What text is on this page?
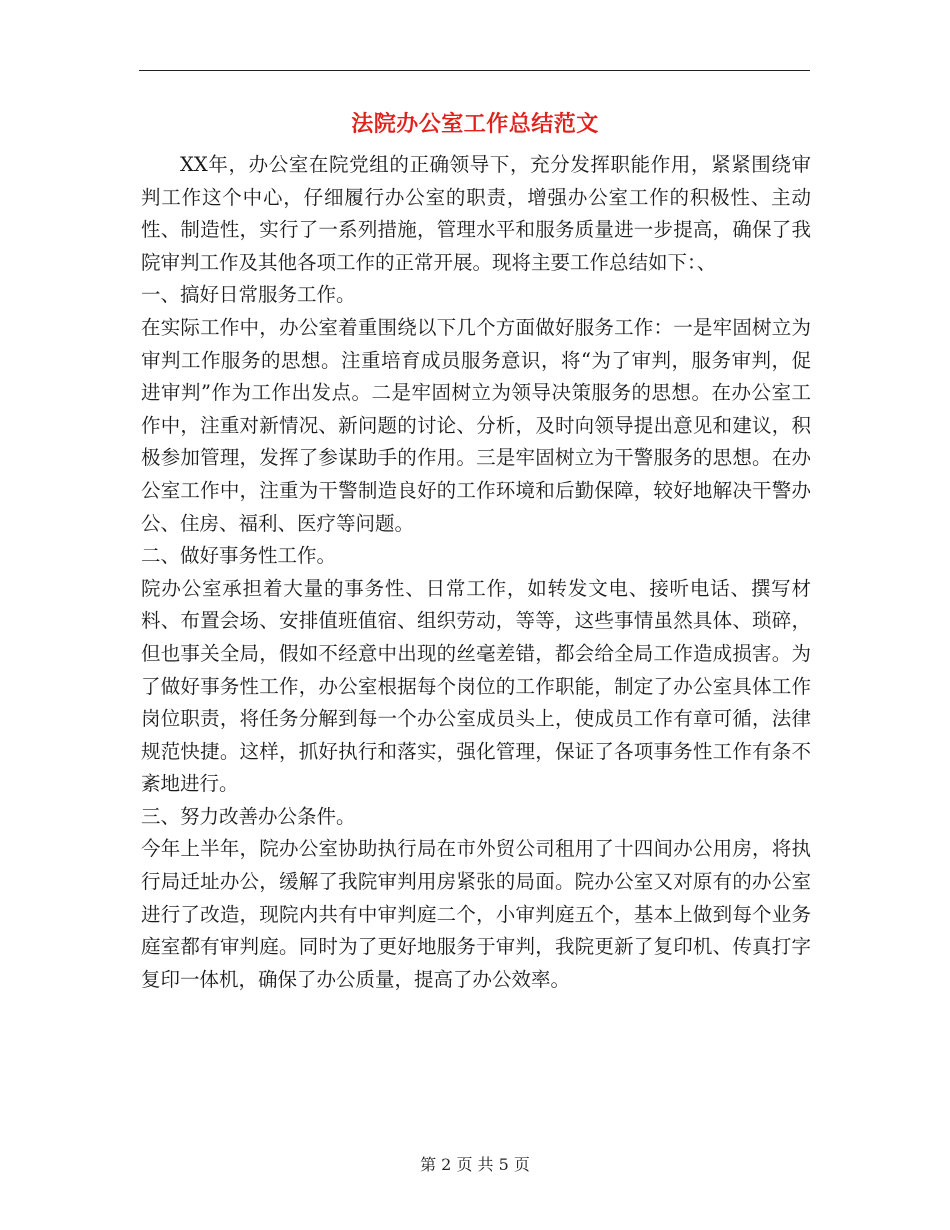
法院办公室工作总结范文

XX年，办公室在院党组的正确领导下，充分发挥职能作用，紧紧围绕审判工作这个中心，仔细履行办公室的职责，增强办公室工作的积极性、主动性、制造性，实行了一系列措施，管理水平和服务质量进一步提高，确保了我院审判工作及其他各项工作的正常开展。现将主要工作总结如下：、

一、搞好日常服务工作。

在实际工作中，办公室着重围绕以下几个方面做好服务工作：一是牢固树立为审判工作服务的思想。注重培育成员服务意识，将“为了审判，服务审判，促进审判”作为工作出发点。二是牢固树立为领导决策服务的思想。在办公室工作中，注重对新情况、新问题的讨论、分析，及时向领导提出意见和建议，积极参加管理，发挥了参谋助手的作用。三是牢固树立为干警服务的思想。在办公室工作中，注重为干警制造良好的工作环境和后勤保障，较好地解决干警办公、住房、福利、医疗等问题。

二、做好事务性工作。

院办公室承担着大量的事务性、日常工作，如转发文电、接听电话、撰写材料、布置会场、安排值班值宿、组织劳动，等等，这些事情虽然具体、琐碎，但也事关全局，假如不经意中出现的丝毫差错，都会给全局工作造成损害。为了做好事务性工作，办公室根据每个岗位的工作职能，制定了办公室具体工作岗位职责，将任务分解到每一个办公室成员头上，使成员工作有章可循，法律规范快捷。这样，抓好执行和落实，强化管理，保证了各项事务性工作有条不紊地进行。

三、努力改善办公条件。

今年上半年，院办公室协助执行局在市外贸公司租用了十四间办公用房，将执行局迁址办公，缓解了我院审判用房紧张的局面。院办公室又对原有的办公室进行了改造，现院内共有中审判庭二个，小审判庭五个，基本上做到每个业务庭室都有审判庭。同时为了更好地服务于审判，我院更新了复印机、传真打字复印一体机，确保了办公质量，提高了办公效率。

第 2 页 共 5 页
